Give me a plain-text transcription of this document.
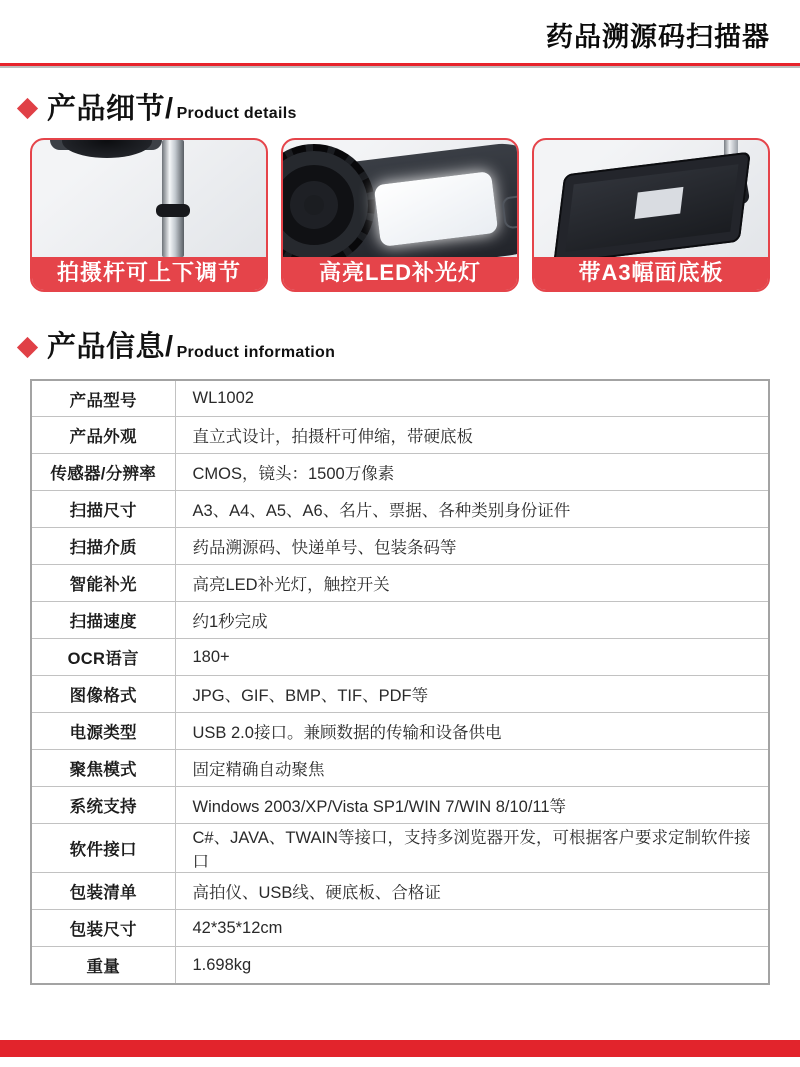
药品溯源码扫描器
产品细节/ Product details
拍摄杆可上下调节	高亮LED补光灯	带A3幅面底板
产品信息/ Product information
产品型号	WL1002
产品外观	直立式设计，拍摄杆可伸缩，带硬底板
传感器/分辨率	CMOS，镜头：1500万像素
扫描尺寸	A3、A4、A5、A6、名片、票据、各种类别身份证件
扫描介质	药品溯源码、快递单号、包装条码等
智能补光	高亮LED补光灯，触控开关
扫描速度	约1秒完成
OCR语言	180+
图像格式	JPG、GIF、BMP、TIF、PDF等
电源类型	USB 2.0接口。兼顾数据的传输和设备供电
聚焦模式	固定精确自动聚焦
系统支持	Windows 2003/XP/Vista SP1/WIN 7/WIN 8/10/11等
软件接口	C#、JAVA、TWAIN等接口，支持多浏览器开发，可根据客户要求定制软件接口
包装清单	高拍仪、USB线、硬底板、合格证
包装尺寸	42*35*12cm
重量	1.698kg
